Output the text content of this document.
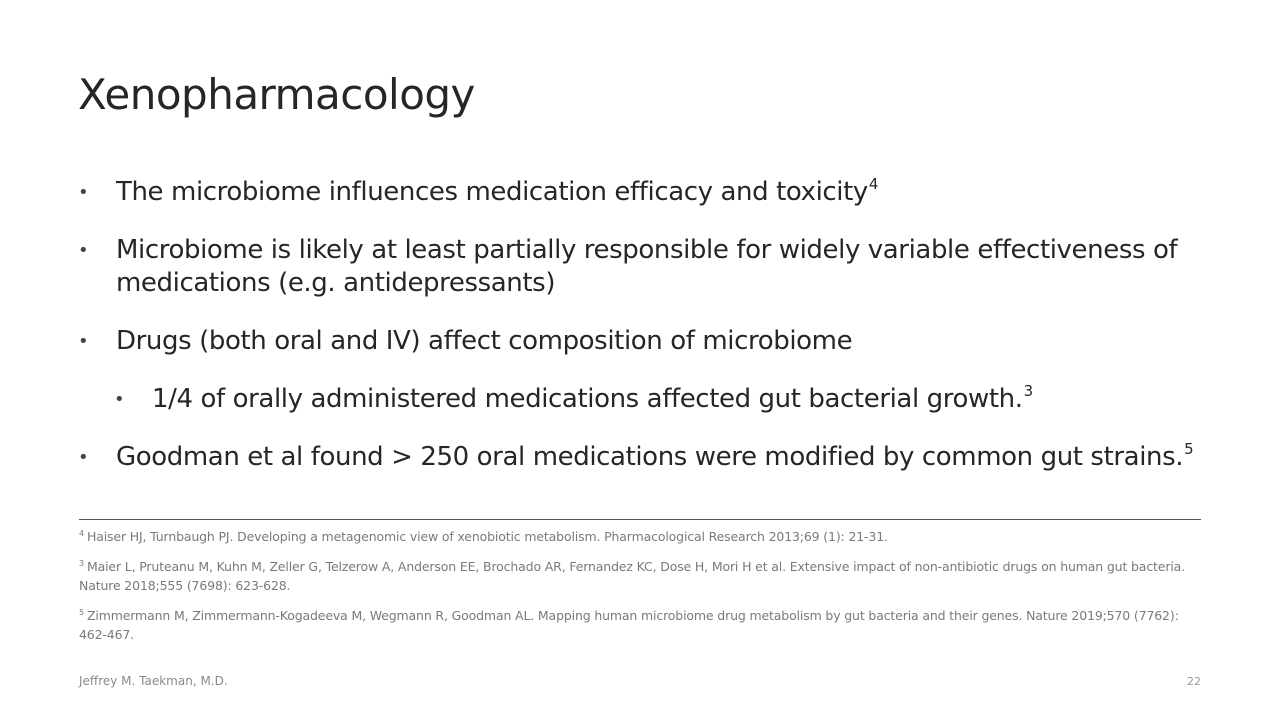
Xenopharmacology
•	The microbiome influences medication efficacy and toxicity$^4$
•	Microbiome is likely at least partially responsible for widely variable effectiveness of medications (e.g. antidepressants)
•	Drugs (both oral and IV) affect composition of microbiome
•	1/4 of orally administered medications affected gut bacterial growth.$^3$
•	Goodman et al found > 250 oral medications were modified by common gut strains.$^5$
$^4$ Haiser HJ, Turnbaugh PJ. Developing a metagenomic view of xenobiotic metabolism. Pharmacological Research 2013;69 (1): 21-31.
$^3$ Maier L, Pruteanu M, Kuhn M, Zeller G, Telzerow A, Anderson EE, Brochado AR, Fernandez KC, Dose H, Mori H et al. Extensive impact of non-antibiotic drugs on human gut bacteria. Nature 2018;555 (7698): 623-628.
$^5$ Zimmermann M, Zimmermann-Kogadeeva M, Wegmann R, Goodman AL. Mapping human microbiome drug metabolism by gut bacteria and their genes. Nature 2019;570 (7762): 462-467.
Jeffrey M. Taekman, M.D.	22
